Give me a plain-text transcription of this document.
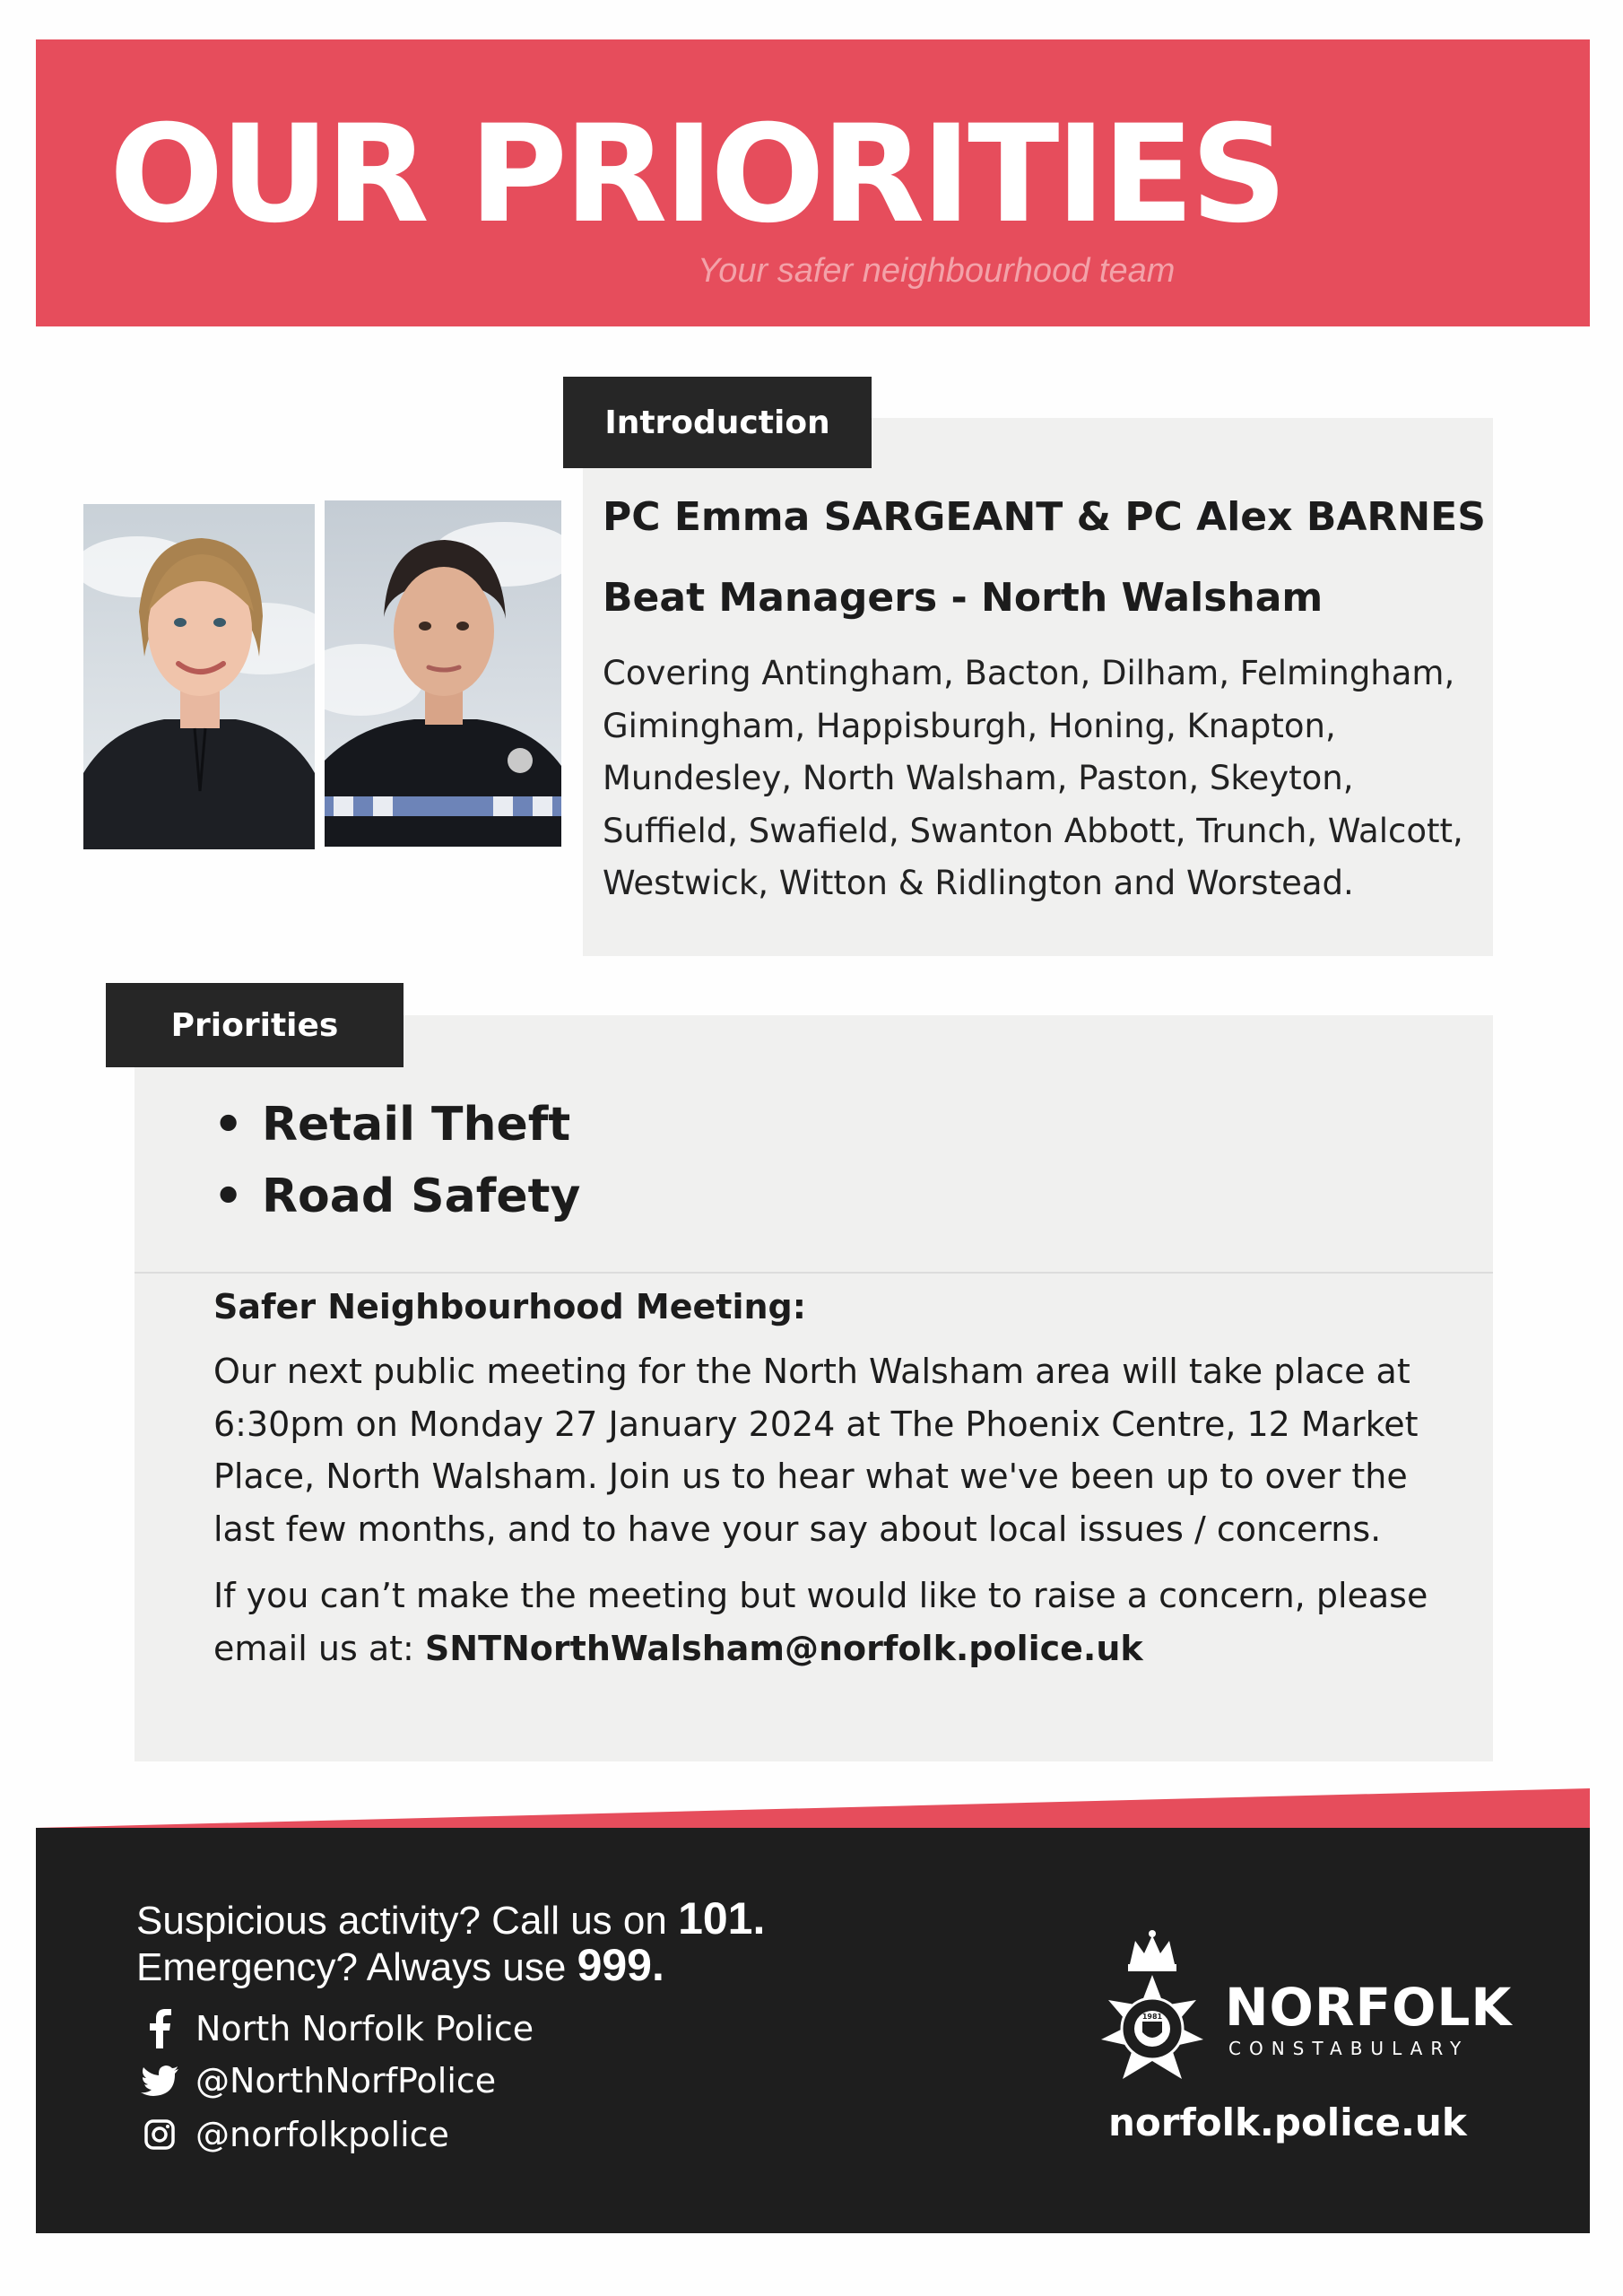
OUR PRIORITIES
Your safer neighbourhood team
Introduction
PC Emma SARGEANT & PC Alex BARNES
Beat Managers - North Walsham
Covering Antingham, Bacton, Dilham, Felmingham, Gimingham, Happisburgh, Honing, Knapton, Mundesley, North Walsham, Paston, Skeyton, Suffield, Swafield, Swanton Abbott, Trunch, Walcott, Westwick, Witton & Ridlington and Worstead.
Priorities
• Retail Theft
• Road Safety
Safer Neighbourhood Meeting:
Our next public meeting for the North Walsham area will take place at 6:30pm on Monday 27 January 2024 at The Phoenix Centre, 12 Market Place, North Walsham. Join us to hear what we've been up to over the last few months, and to have your say about local issues / concerns.
If you can’t make the meeting but would like to raise a concern, please email us at: SNTNorthWalsham@norfolk.police.uk
Suspicious activity? Call us on 101.
Emergency? Always use 999.
North Norfolk Police
@NorthNorfPolice
@norfolkpolice
1981 NORFOLK
CONSTABULARY
norfolk.police.uk
